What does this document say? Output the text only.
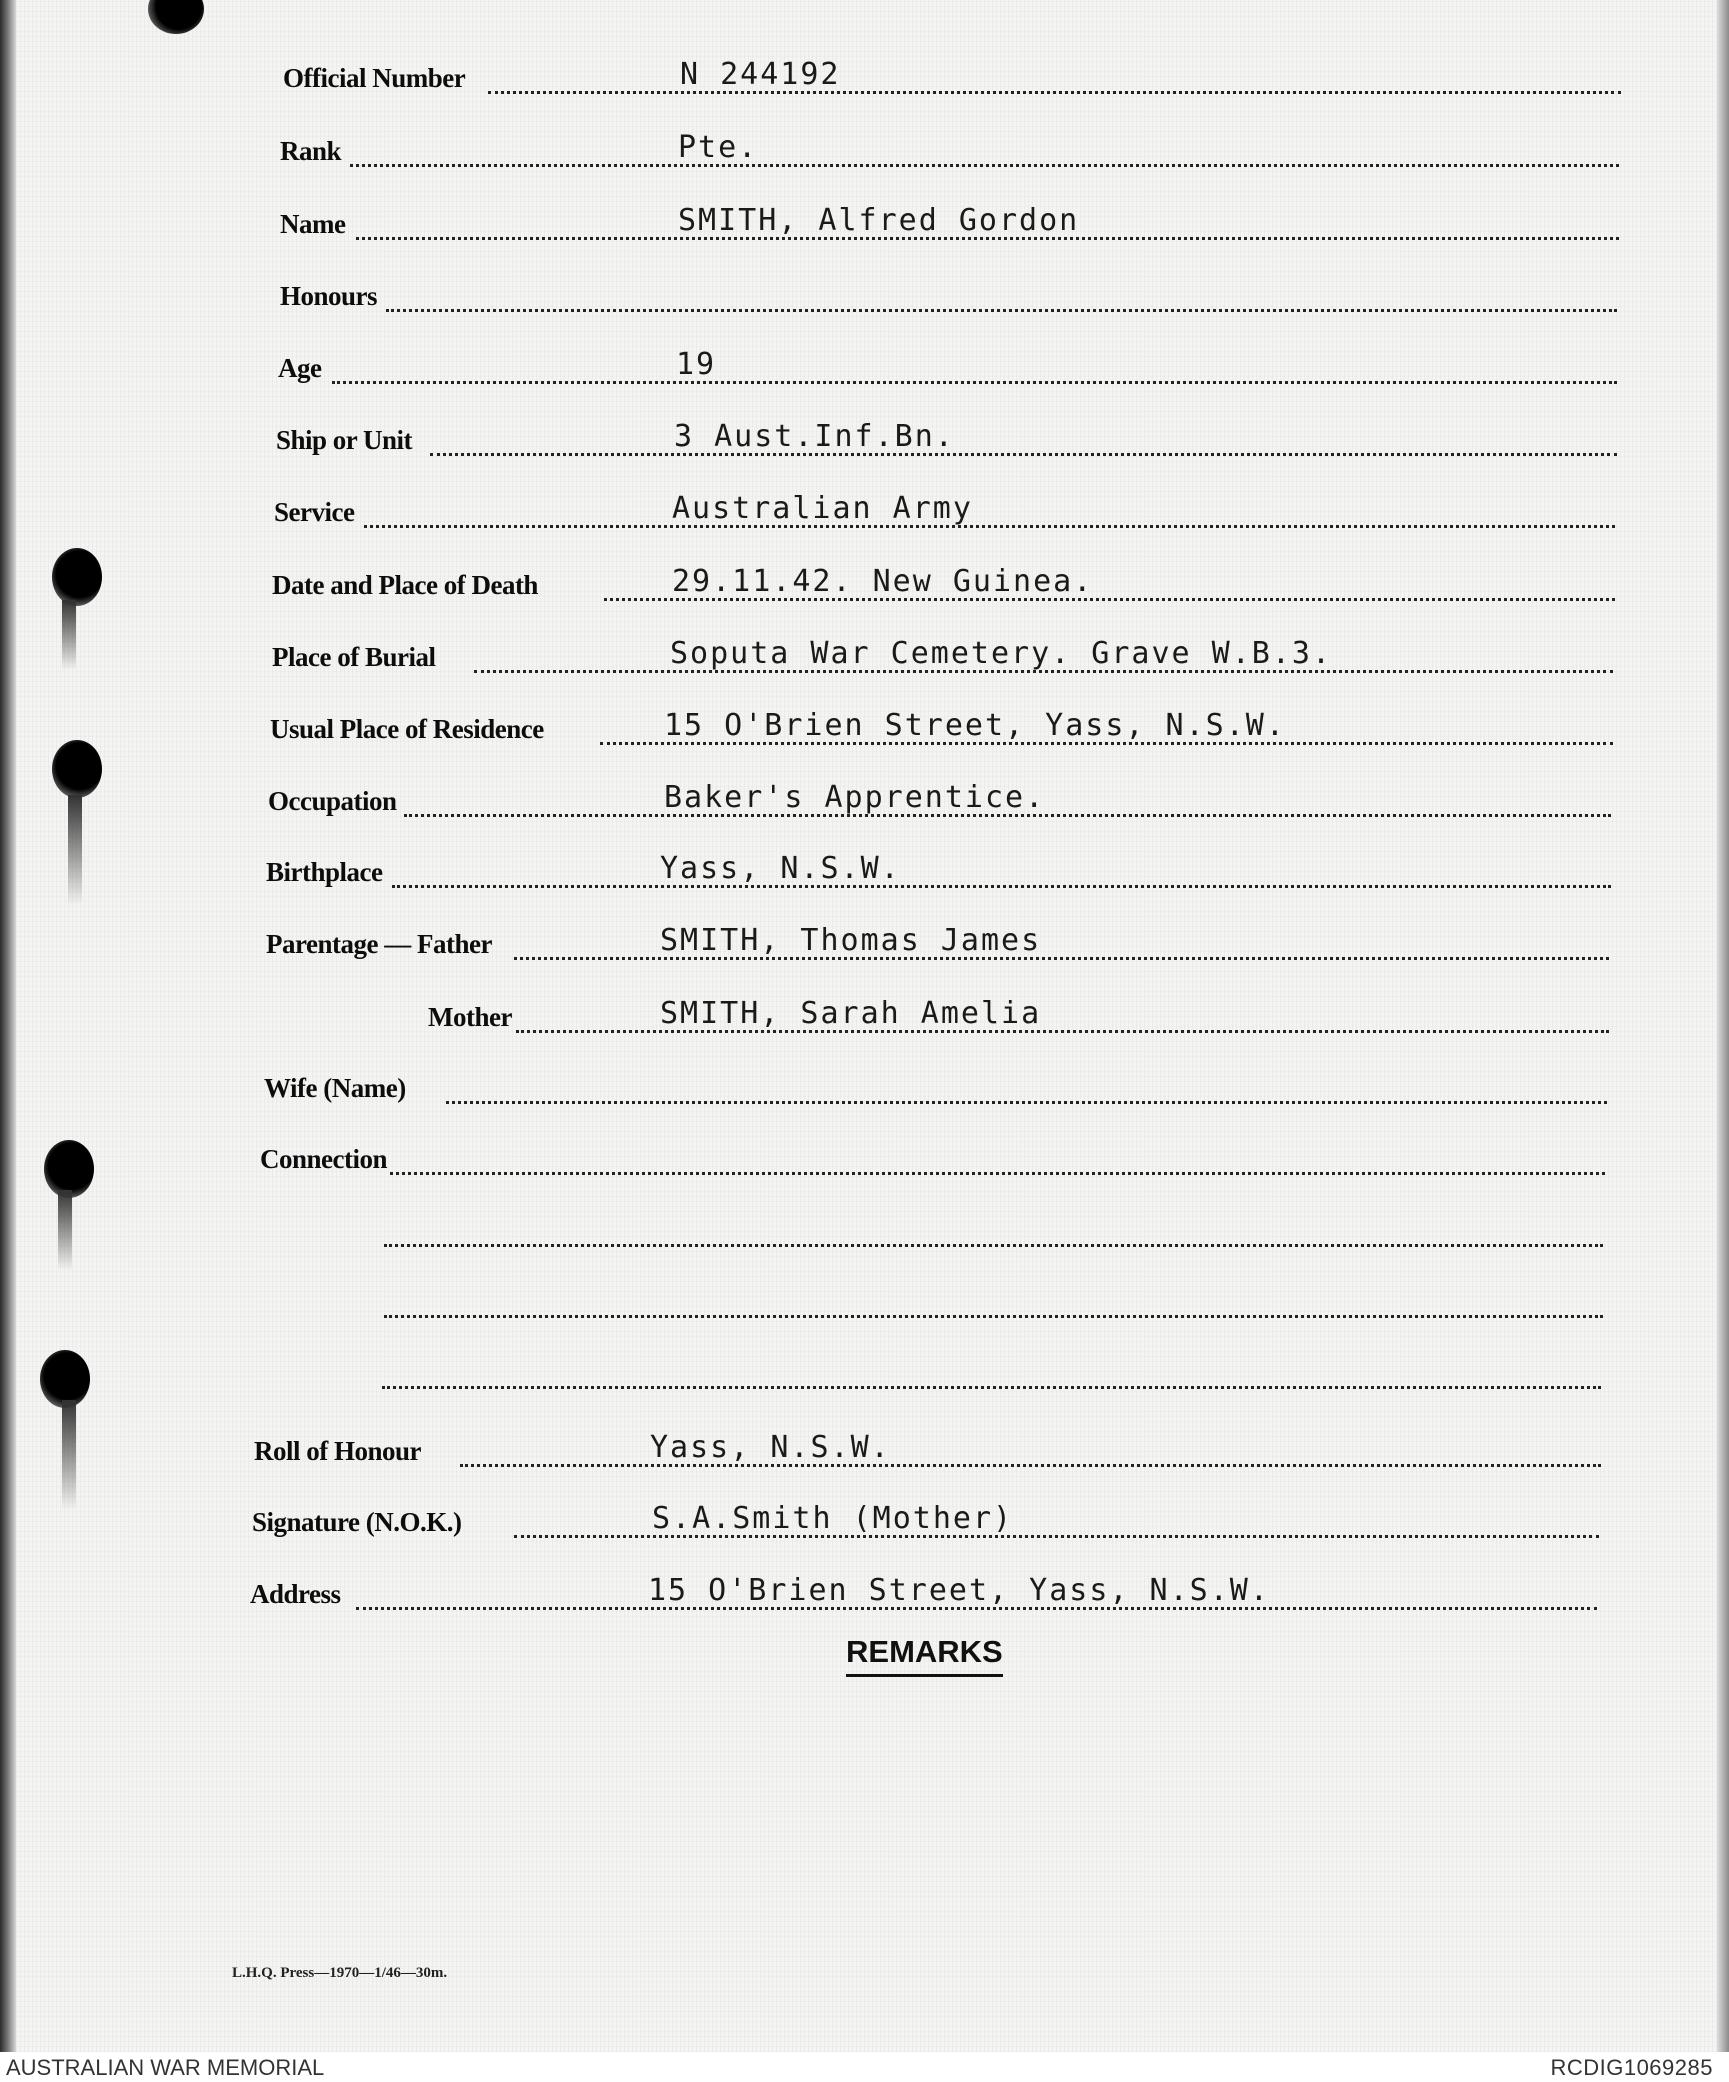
Official Number	N 244192
Rank	Pte.
Name	SMITH, Alfred Gordon
Honours
Age	19
Ship or Unit	3 Aust.Inf.Bn.
Service	Australian Army
Date and Place of Death	29.11.42. New Guinea.
Place of Burial	Soputa War Cemetery. Grave W.B.3.
Usual Place of Residence	15 O'Brien Street, Yass, N.S.W.
Occupation	Baker's Apprentice.
Birthplace	Yass, N.S.W.
Parentage — Father	SMITH, Thomas James
Mother	SMITH, Sarah Amelia
Wife (Name)
Connection
Roll of Honour	Yass, N.S.W.
Signature (N.O.K.)	S.A.Smith (Mother)
Address	15 O'Brien Street, Yass, N.S.W.
REMARKS
L.H.Q. Press—1970—1/46—30m.
AUSTRALIAN WAR MEMORIAL	RCDIG1069285
